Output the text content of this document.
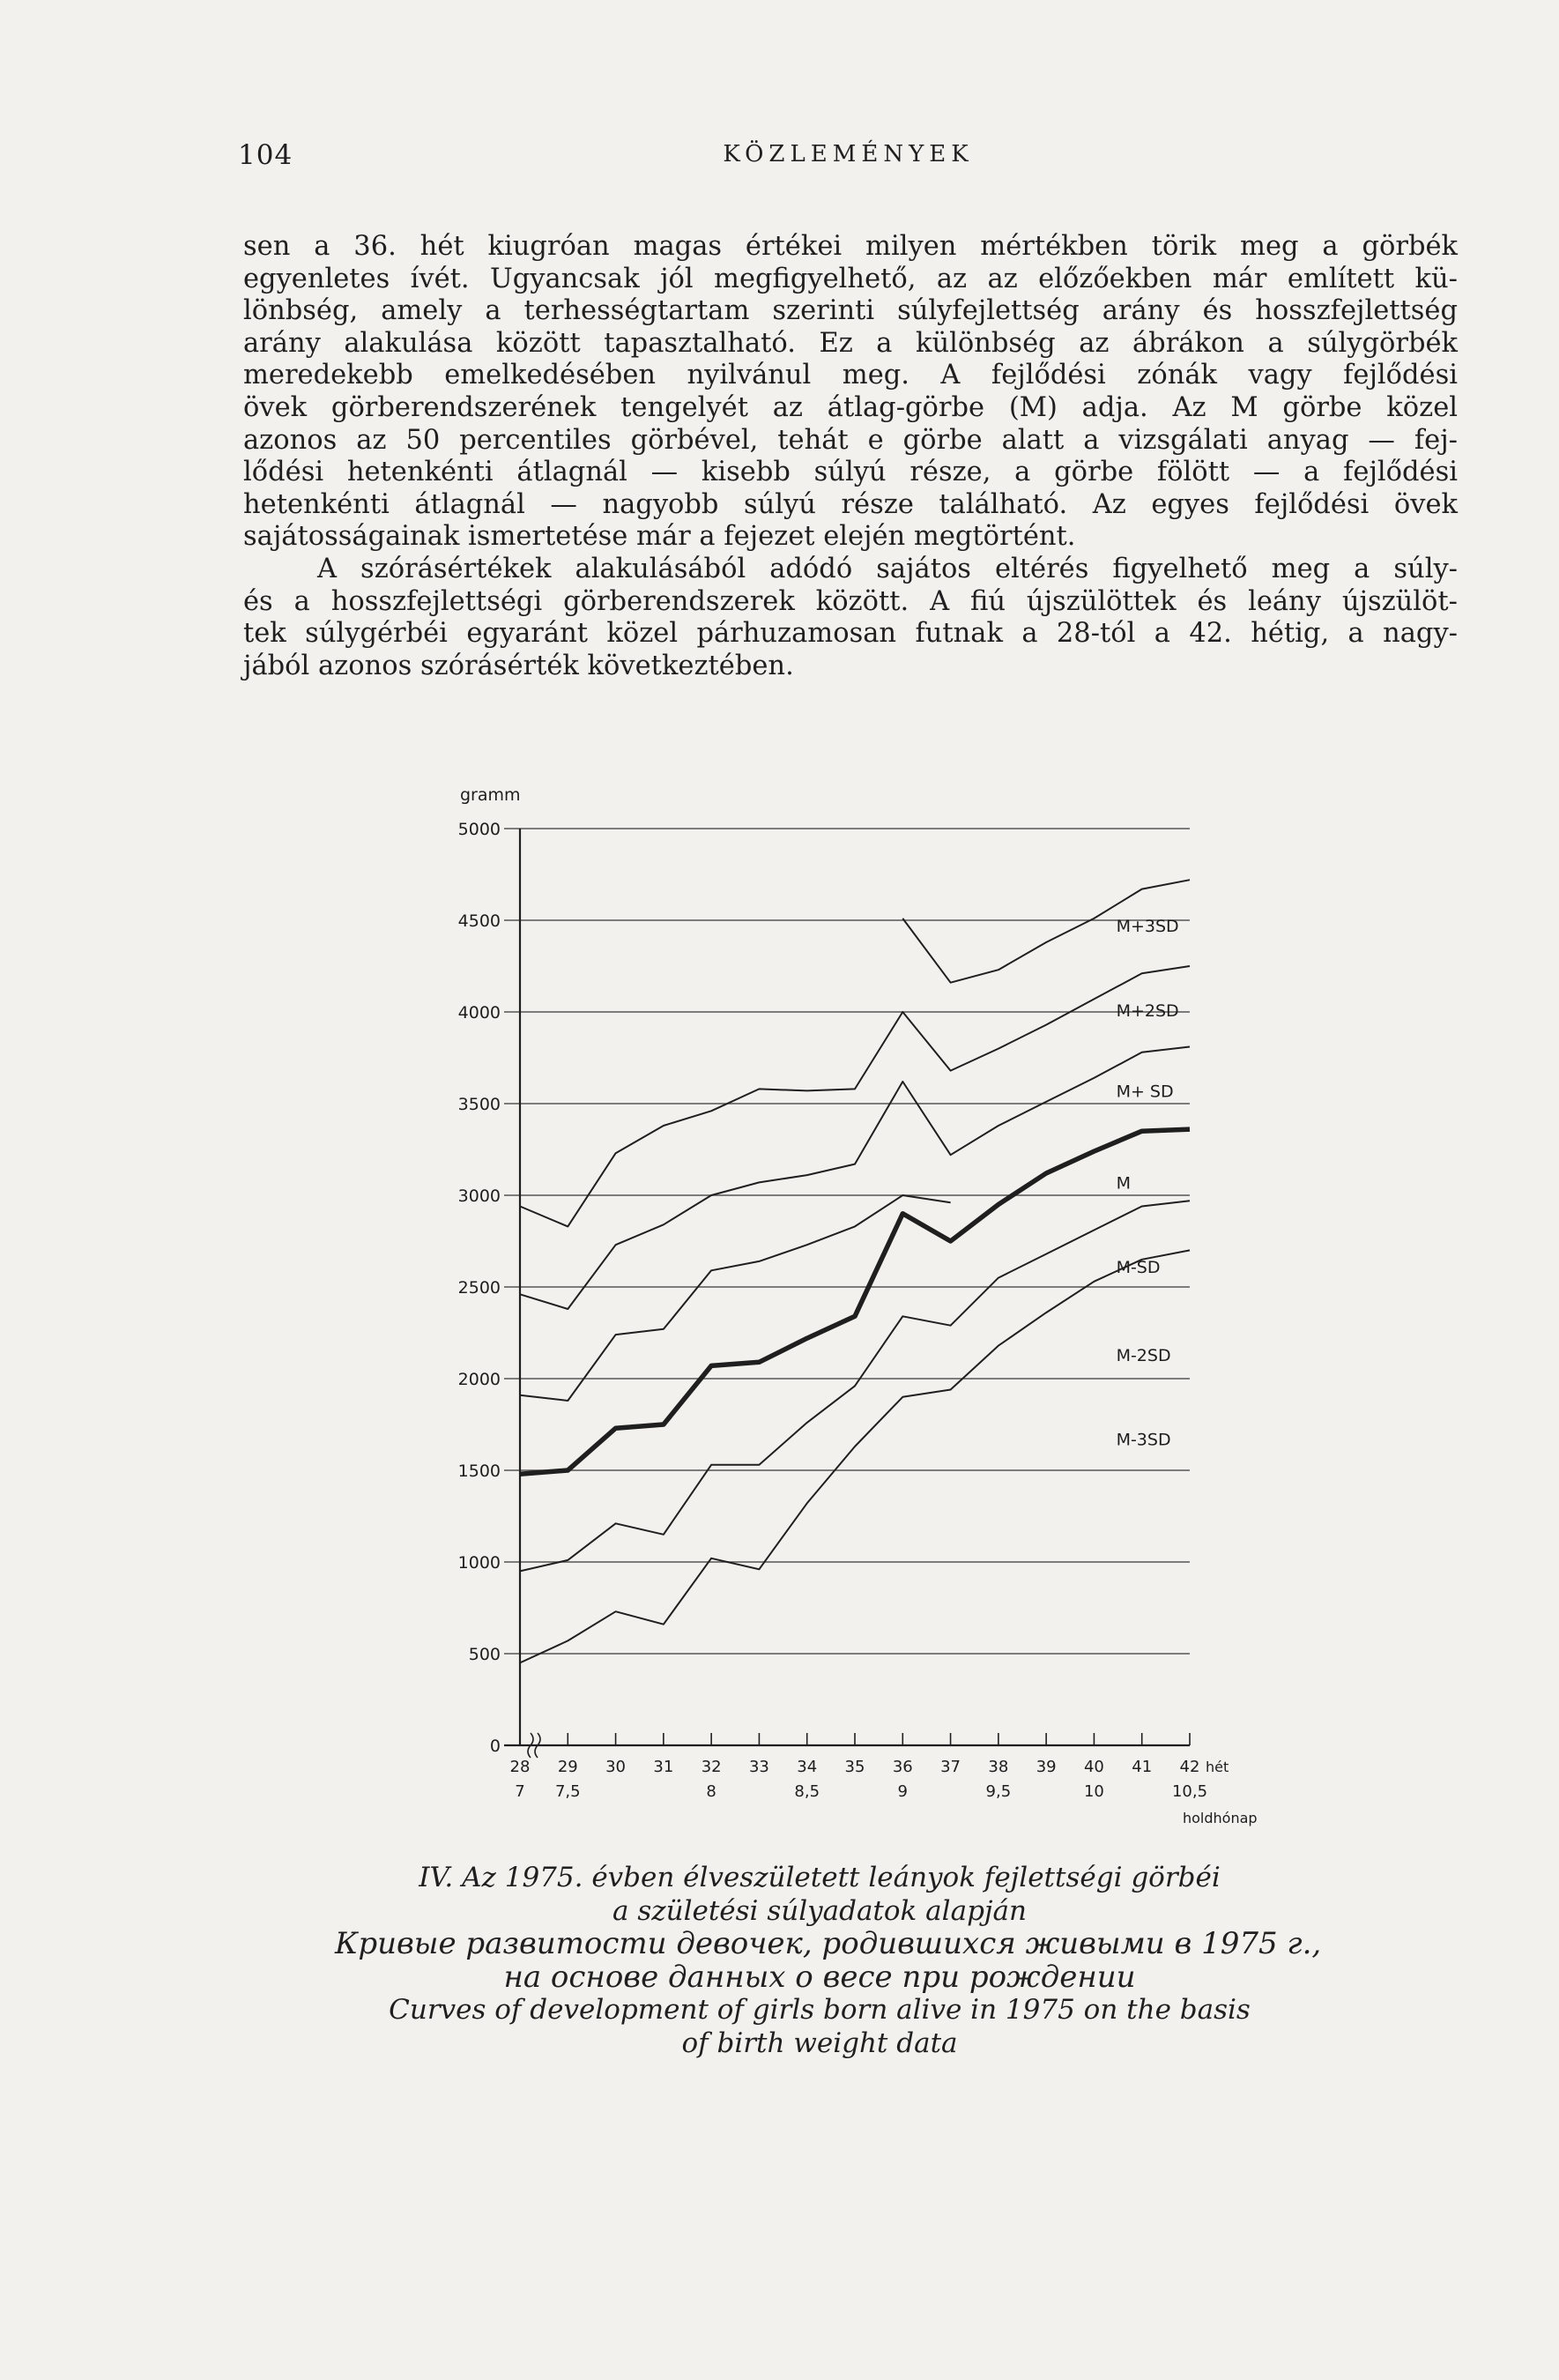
104	KÖZLEMÉNYEK
sen a 36. hét kiugróan magas értékei milyen mértékben törik meg a görbék
egyenletes ívét. Ugyancsak jól megfigyelhető, az az előzőekben már említett kü-
lönbség, amely a terhességtartam szerinti súlyfejlettség arány és hosszfejlettség
arány alakulása között tapasztalható. Ez a különbség az ábrákon a súlygörbék
meredekebb emelkedésében nyilvánul meg. A fejlődési zónák vagy fejlődési
övek görberendszerének tengelyét az átlag-görbe (M) adja. Az M görbe közel
azonos az 50 percentiles görbével, tehát e görbe alatt a vizsgálati anyag — fej-
lődési hetenkénti átlagnál — kisebb súlyú része, a görbe fölött — a fejlődési
hetenkénti átlagnál — nagyobb súlyú része található. Az egyes fejlődési övek
sajátosságainak ismertetése már a fejezet elején megtörtént.
A szórásértékek alakulásából adódó sajátos eltérés figyelhető meg a súly-
és a hosszfejlettségi görberendszerek között. A fiú újszülöttek és leány újszülöt-
tek súlygérbéi egyaránt közel párhuzamosan futnak a 28-tól a 42. hétig, a nagy-
jából azonos szórásérték következtében.
0
500
1000
1500
2000
2500
3000
3500
4000
4500
5000
gramm
28 29 30 31 32 33 34 35 36 37 38 39 40 41 42 hét
7 7,5	8	8,5	9	9,5	10	10,5
holdhónap
M+3SD
M+2SD
M+ SD
M
M-SD
M-2SD
M-3SD
IV. Az 1975. évben élveszületett leányok fejlettségi görbéi
a születési súlyadatok alapján
Кривые развитости девочек, родившихся живыми в 1975 г.,
на основе данных о весе при рождении
Curves of development of girls born alive in 1975 on the basis
of birth weight data
